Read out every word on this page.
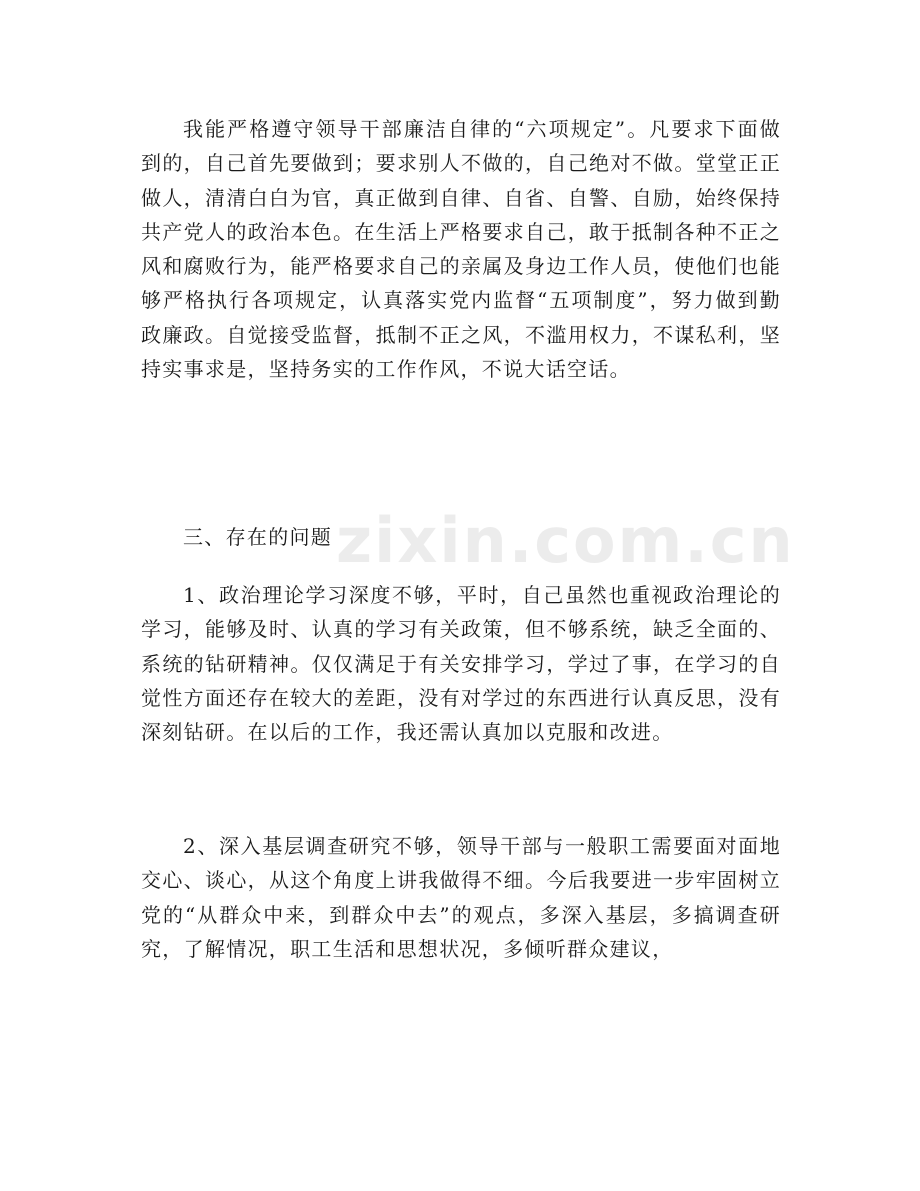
我能严格遵守领导干部廉洁自律的“六项规定”。凡要求下面做到的，自己首先要做到；要求别人不做的，自己绝对不做。堂堂正正做人，清清白白为官，真正做到自律、自省、自警、自励，始终保持共产党人的政治本色。在生活上严格要求自己，敢于抵制各种不正之风和腐败行为，能严格要求自己的亲属及身边工作人员，使他们也能够严格执行各项规定，认真落实党内监督“五项制度”，努力做到勤政廉政。自觉接受监督，抵制不正之风，不滥用权力，不谋私利，坚持实事求是，坚持务实的工作作风，不说大话空话。

三、存在的问题

1、政治理论学习深度不够，平时，自己虽然也重视政治理论的学习，能够及时、认真的学习有关政策，但不够系统，缺乏全面的、系统的钻研精神。仅仅满足于有关安排学习，学过了事，在学习的自觉性方面还存在较大的差距，没有对学过的东西进行认真反思，没有深刻钻研。在以后的工作，我还需认真加以克服和改进。

2、深入基层调查研究不够，领导干部与一般职工需要面对面地交心、谈心，从这个角度上讲我做得不细。今后我要进一步牢固树立党的“从群众中来，到群众中去”的观点，多深入基层，多搞调查研究，了解情况，职工生活和思想状况，多倾听群众建议，

zixin.com.cn
